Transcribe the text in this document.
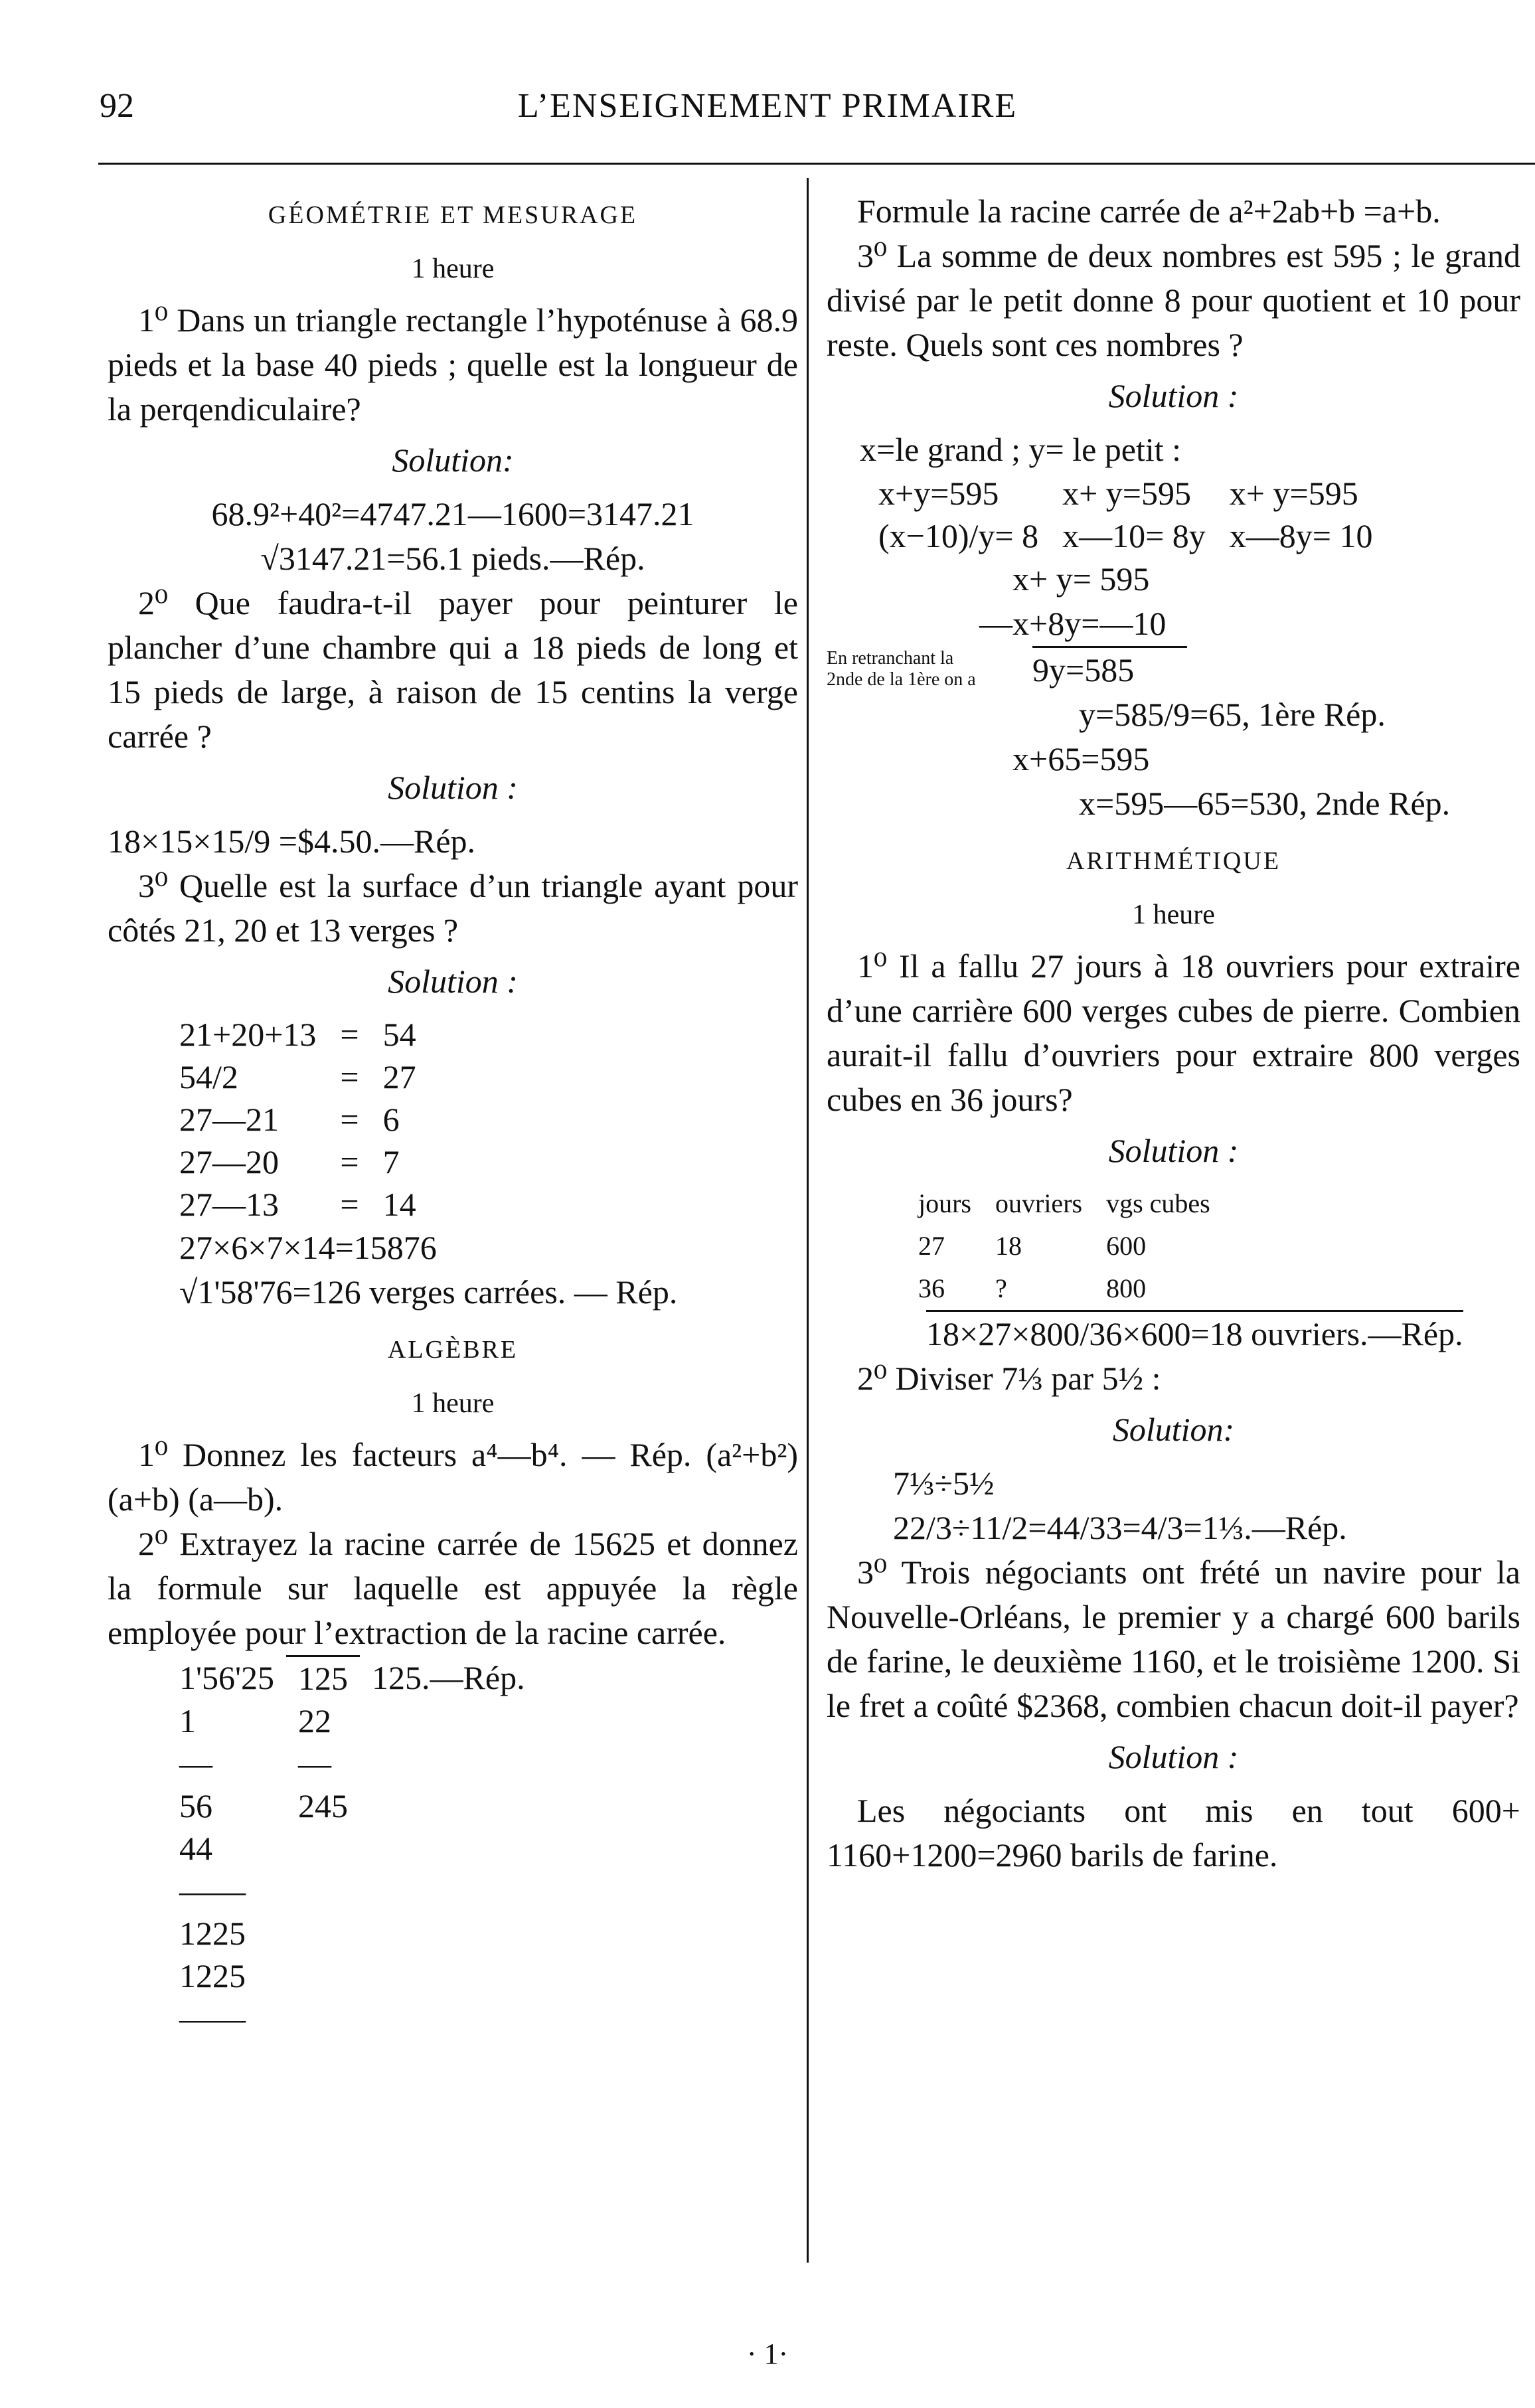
92	L’ENSEIGNEMENT PRIMAIRE

GÉOMÉTRIE ET MESURAGE

1 heure

1⁰ Dans un triangle rectangle l’hypoténuse à 68.9 pieds et la base 40 pieds ; quelle est la longueur de la perqendiculaire?

Solution:

68.9²+40²=4747.21—1600=3147.21

√3147.21=56.1 pieds.—Rép.

2⁰ Que faudra-t-il payer pour peinturer le plancher d’une chambre qui a 18 pieds de long et 15 pieds de large, à raison de 15 centins la verge carrée ?

Solution :

18×15×15/9 =$4.50.—Rép.

3⁰ Quelle est la surface d’un triangle ayant pour côtés 21, 20 et 13 verges ?

Solution :

21+20+13	=	54
54/2	=	27
27—21	=	6
27—20	=	7
27—13	=	14

27×6×7×14=15876

√1'58'76=126 verges carrées. — Rép.

ALGÈBRE

1 heure

1⁰ Donnez les facteurs a⁴—b⁴. — Rép. (a²+b²) (a+b) (a—b).

2⁰ Extrayez la racine carrée de 15625 et donnez la formule sur laquelle est appuyée la règle employée pour l’extraction de la racine carrée.

1'56'25	125	125.—Rép.
1	22	
—	—	
56	245	
44		
——		
1225		
1225		
——		

Formule la racine carrée de a²+2ab+b =a+b.

3⁰ La somme de deux nombres est 595 ; le grand divisé par le petit donne 8 pour quotient et 10 pour reste. Quels sont ces nombres ?

Solution :

x=le grand ; y= le petit :

x+y=595	x+ y=595	x+ y=595
(x−10)/y= 8	x—10= 8y	x—8y= 10

x+ y= 595

—x+8y=—10

En retranchant la 2nde de la 1ère on a	9y=585

y=585/9=65, 1ère Rép.

x+65=595

x=595—65=530, 2nde Rép.

ARITHMÉTIQUE

1 heure

1⁰ Il a fallu 27 jours à 18 ouvriers pour extraire d’une carrière 600 verges cubes de pierre. Combien aurait-il fallu d’ouvriers pour extraire 800 verges cubes en 36 jours?

Solution :

jours	ouvriers	vgs cubes
27	18	600
36	?	800

18×27×800/36×600=18 ouvriers.—Rép.

2⁰ Diviser 7⅓ par 5½ :

Solution:

7⅓÷5½

22/3÷11/2=44/33=4/3=1⅓.—Rép.

3⁰ Trois négociants ont frété un navire pour la Nouvelle-Orléans, le premier y a chargé 600 barils de farine, le deuxième 1160, et le troisième 1200. Si le fret a coûté $2368, combien chacun doit-il payer?

Solution :

Les négociants ont mis en tout 600+ 1160+1200=2960 barils de farine.

· 1·
